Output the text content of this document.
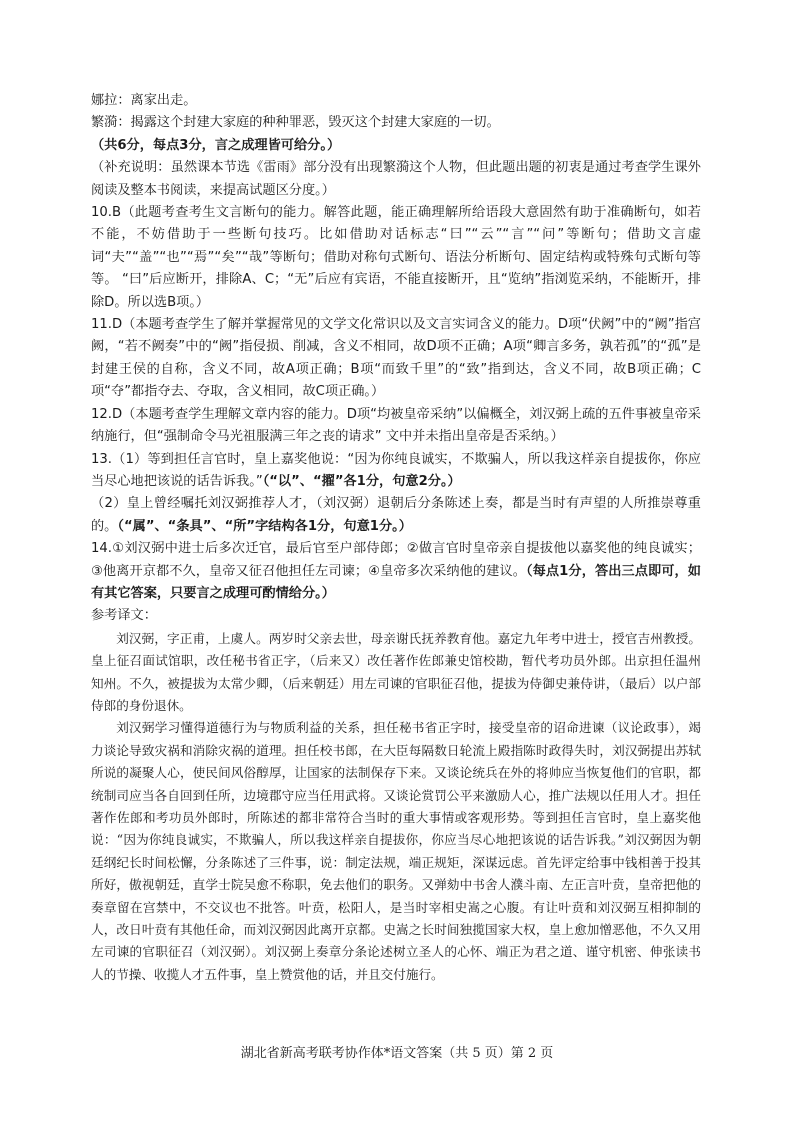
娜拉：离家出走。

繁漪：揭露这个封建大家庭的种种罪恶，毁灭这个封建大家庭的一切。

（共6分，每点3分，言之成理皆可给分。）

（补充说明：虽然课本节选《雷雨》部分没有出现繁漪这个人物，但此题出题的初衷是通过考查学生课外阅读及整本书阅读，来提高试题区分度。）

10.B（此题考查考生文言断句的能力。解答此题，能正确理解所给语段大意固然有助于准确断句，如若不能，不妨借助于一些断句技巧。比如借助对话标志“曰”“云”“言”“问”等断句；借助文言虚词“夫”“盖”“也”“焉”“矣”“哉”等断句；借助对称句式断句、语法分析断句、固定结构或特殊句式断句等等。 “曰”后应断开，排除A、C；“无”后应有宾语，不能直接断开，且“览纳”指浏览采纳，不能断开，排除D。所以选B项。）

11.D（本题考查学生了解并掌握常见的文学文化常识以及文言实词含义的能力。D项“伏阙”中的“阙”指宫阙，“若不阙奏”中的“阙”指侵损、削减，含义不相同，故D项不正确；A项“卿言多务，孰若孤”的“孤”是封建王侯的自称，含义不同，故A项正确；B项“而致千里”的“致”指到达，含义不同，故B项正确；C项“夺”都指夺去、夺取，含义相同，故C项正确。）

12.D（本题考查学生理解文章内容的能力。D项“均被皇帝采纳”以偏概全，刘汉弼上疏的五件事被皇帝采纳施行，但“强制命令马光祖服满三年之丧的请求” 文中并未指出皇帝是否采纳。）

13.（1）等到担任言官时，皇上嘉奖他说：“因为你纯良诚实，不欺骗人，所以我这样亲自提拔你，你应当尽心地把该说的话告诉我。”（“以”、“擢”各1分，句意2分。）

（2）皇上曾经嘱托刘汉弼推荐人才，（刘汉弼）退朝后分条陈述上奏，都是当时有声望的人所推崇尊重的。（“属”、“条具”、“所”字结构各1分，句意1分。）

14.①刘汉弼中进士后多次迁官，最后官至户部侍郎；②做言官时皇帝亲自提拔他以嘉奖他的纯良诚实；③他离开京都不久，皇帝又征召他担任左司谏；④皇帝多次采纳他的建议。（每点1分，答出三点即可，如有其它答案，只要言之成理可酌情给分。）

参考译文：

刘汉弼，字正甫，上虞人。两岁时父亲去世，母亲谢氏抚养教育他。嘉定九年考中进士，授官吉州教授。皇上征召面试馆职，改任秘书省正字，（后来又）改任著作佐郎兼史馆校勘，暂代考功员外郎。出京担任温州知州。不久，被提拔为太常少卿，（后来朝廷）用左司谏的官职征召他，提拔为侍御史兼侍讲，（最后）以户部侍郎的身份退休。

刘汉弼学习懂得道德行为与物质利益的关系，担任秘书省正字时，接受皇帝的诏命进谏（议论政事），竭力谈论导致灾祸和消除灾祸的道理。担任校书郎，在大臣每隔数日轮流上殿指陈时政得失时，刘汉弼提出苏轼所说的凝聚人心，使民间风俗醇厚，让国家的法制保存下来。又谈论统兵在外的将帅应当恢复他们的官职，都统制司应当各自回到任所，边境郡守应当任用武将。又谈论赏罚公平来激励人心，推广法规以任用人才。担任著作佐郎和考功员外郎时，所陈述的都非常符合当时的重大事情或客观形势。等到担任言官时，皇上嘉奖他说：“因为你纯良诚实，不欺骗人，所以我这样亲自提拔你，你应当尽心地把该说的话告诉我。”刘汉弼因为朝廷纲纪长时间松懈，分条陈述了三件事，说：制定法规，端正规矩，深谋远虑。首先评定给事中钱相善于投其所好，傲视朝廷，直学士院吴愈不称职，免去他们的职务。又弹劾中书舍人濮斗南、左正言叶贲，皇帝把他的奏章留在宫禁中，不交议也不批答。叶贲，松阳人，是当时宰相史嵩之心腹。有让叶贲和刘汉弼互相抑制的人，改日叶贲有其他任命，而刘汉弼因此离开京都。史嵩之长时间独揽国家大权，皇上愈加憎恶他，不久又用左司谏的官职征召（刘汉弼）。刘汉弼上奏章分条论述树立圣人的心怀、端正为君之道、谨守机密、伸张读书人的节操、收揽人才五件事，皇上赞赏他的话，并且交付施行。

湖北省新高考联考协作体*语文答案（共 5 页）第 2 页
